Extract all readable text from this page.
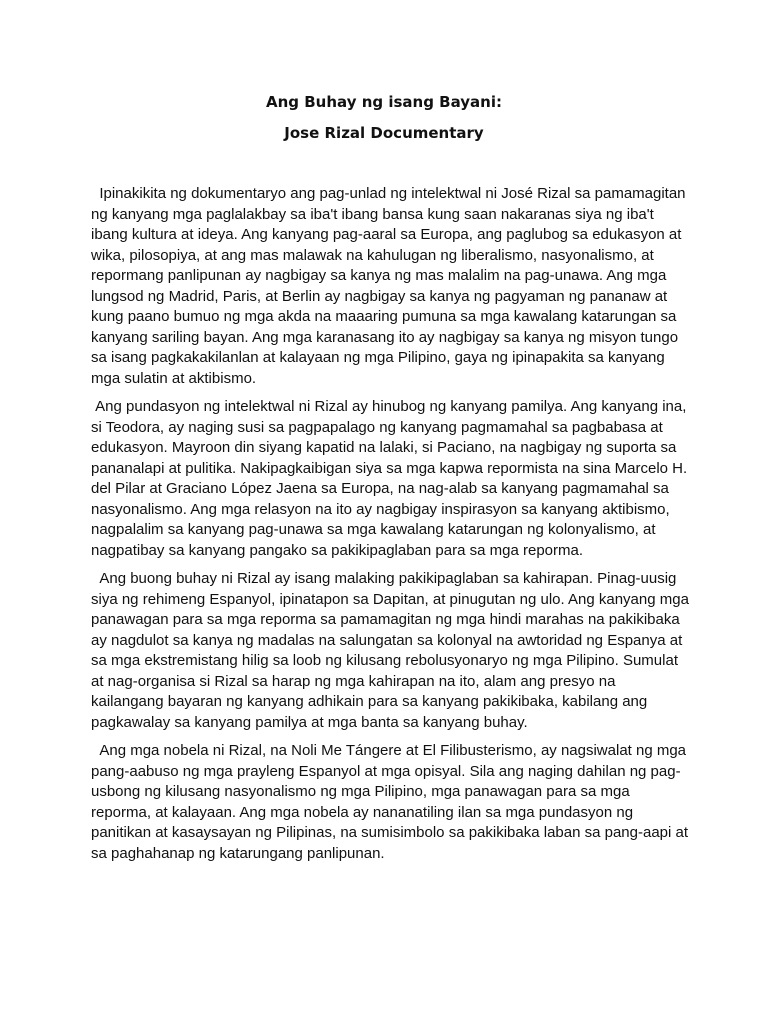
Ang Buhay ng isang Bayani:
Jose Rizal Documentary

Ipinakikita ng dokumentaryo ang pag-unlad ng intelektwal ni José Rizal sa pamamagitan ng kanyang mga paglalakbay sa iba't ibang bansa kung saan nakaranas siya ng iba't ibang kultura at ideya. Ang kanyang pag-aaral sa Europa, ang paglubog sa edukasyon at wika, pilosopiya, at ang mas malawak na kahulugan ng liberalismo, nasyonalismo, at repormang panlipunan ay nagbigay sa kanya ng mas malalim na pag-unawa. Ang mga lungsod ng Madrid, Paris, at Berlin ay nagbigay sa kanya ng pagyaman ng pananaw at kung paano bumuo ng mga akda na maaaring pumuna sa mga kawalang katarungan sa kanyang sariling bayan. Ang mga karanasang ito ay nagbigay sa kanya ng misyon tungo sa isang pagkakakilanlan at kalayaan ng mga Pilipino, gaya ng ipinapakita sa kanyang mga sulatin at aktibismo.

Ang pundasyon ng intelektwal ni Rizal ay hinubog ng kanyang pamilya. Ang kanyang ina, si Teodora, ay naging susi sa pagpapalago ng kanyang pagmamahal sa pagbabasa at edukasyon. Mayroon din siyang kapatid na lalaki, si Paciano, na nagbigay ng suporta sa pananalapi at pulitika. Nakipagkaibigan siya sa mga kapwa repormista na sina Marcelo H. del Pilar at Graciano López Jaena sa Europa, na nag-alab sa kanyang pagmamahal sa nasyonalismo. Ang mga relasyon na ito ay nagbigay inspirasyon sa kanyang aktibismo, nagpalalim sa kanyang pag-unawa sa mga kawalang katarungan ng kolonyalismo, at nagpatibay sa kanyang pangako sa pakikipaglaban para sa mga reporma.

Ang buong buhay ni Rizal ay isang malaking pakikipaglaban sa kahirapan. Pinag-uusig siya ng rehimeng Espanyol, ipinatapon sa Dapitan, at pinugutan ng ulo. Ang kanyang mga panawagan para sa mga reporma sa pamamagitan ng mga hindi marahas na pakikibaka ay nagdulot sa kanya ng madalas na salungatan sa kolonyal na awtoridad ng Espanya at sa mga ekstremistang hilig sa loob ng kilusang rebolusyonaryo ng mga Pilipino. Sumulat at nag-organisa si Rizal sa harap ng mga kahirapan na ito, alam ang presyo na kailangang bayaran ng kanyang adhikain para sa kanyang pakikibaka, kabilang ang pagkawalay sa kanyang pamilya at mga banta sa kanyang buhay.

Ang mga nobela ni Rizal, na Noli Me Tángere at El Filibusterismo, ay nagsiwalat ng mga pang-aabuso ng mga prayleng Espanyol at mga opisyal. Sila ang naging dahilan ng pag-usbong ng kilusang nasyonalismo ng mga Pilipino, mga panawagan para sa mga reporma, at kalayaan. Ang mga nobela ay nananatiling ilan sa mga pundasyon ng panitikan at kasaysayan ng Pilipinas, na sumisimbolo sa pakikibaka laban sa pang-aapi at sa paghahanap ng katarungang panlipunan.
